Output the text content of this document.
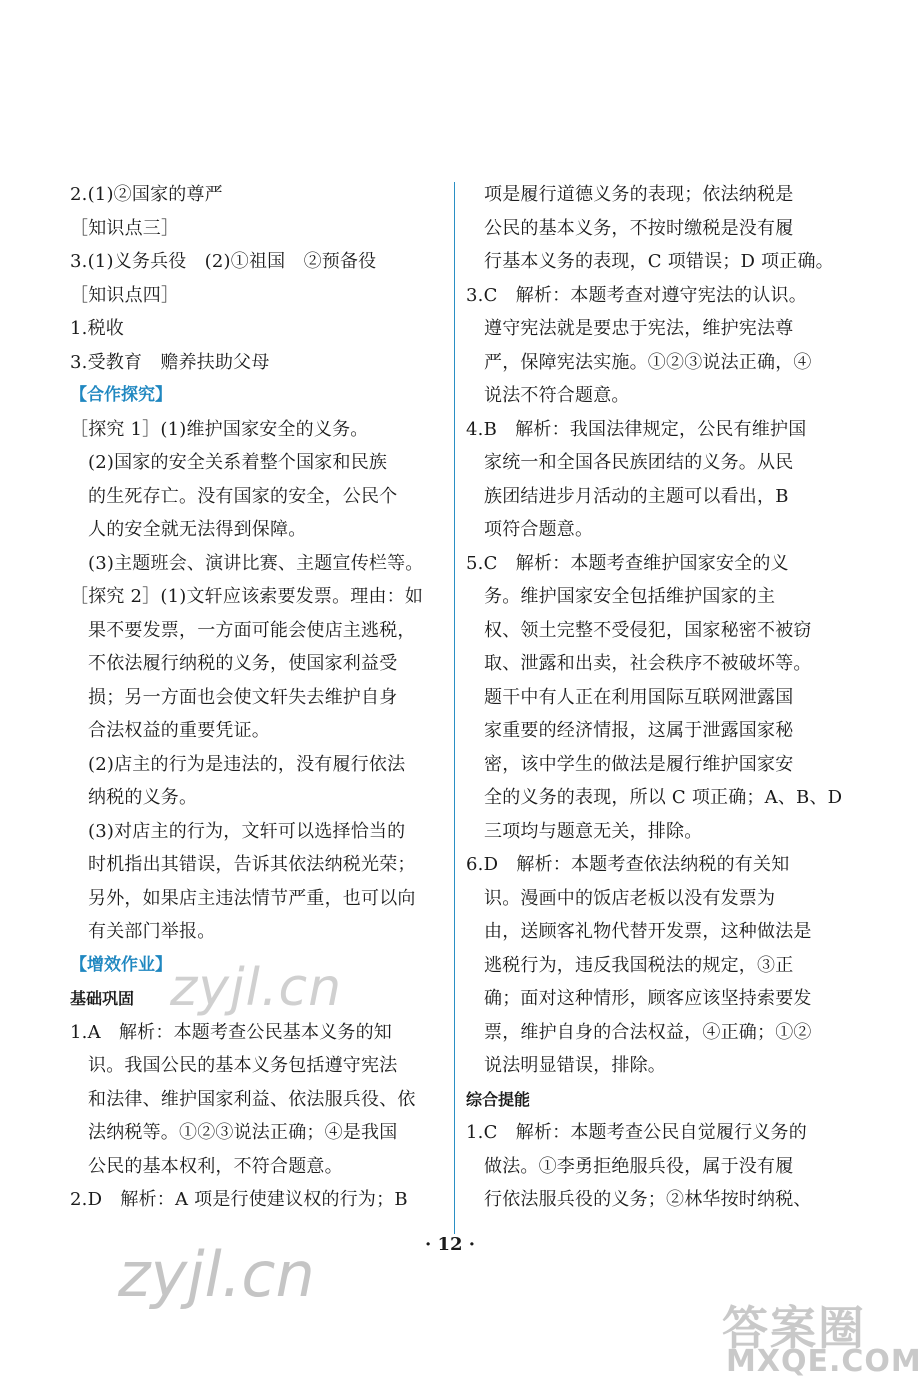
2.(1)②国家的尊严
［知识点三］
3.(1)义务兵役　(2)①祖国　②预备役
［知识点四］
1.税收
3.受教育　赡养扶助父母
【合作探究】
［探究 1］(1)维护国家安全的义务。
(2)国家的安全关系着整个国家和民族
的生死存亡。没有国家的安全，公民个
人的安全就无法得到保障。
(3)主题班会、演讲比赛、主题宣传栏等。
［探究 2］(1)文轩应该索要发票。理由：如
果不要发票，一方面可能会使店主逃税，
不依法履行纳税的义务，使国家利益受
损；另一方面也会使文轩失去维护自身
合法权益的重要凭证。
(2)店主的行为是违法的，没有履行依法
纳税的义务。
(3)对店主的行为，文轩可以选择恰当的
时机指出其错误，告诉其依法纳税光荣；
另外，如果店主违法情节严重，也可以向
有关部门举报。
【增效作业】
基础巩固
1.A　解析：本题考查公民基本义务的知
识。我国公民的基本义务包括遵守宪法
和法律、维护国家利益、依法服兵役、依
法纳税等。①②③说法正确；④是我国
公民的基本权利，不符合题意。
2.D　解析：A 项是行使建议权的行为；B
项是履行道德义务的表现；依法纳税是
公民的基本义务，不按时缴税是没有履
行基本义务的表现，C 项错误；D 项正确。
3.C　解析：本题考查对遵守宪法的认识。
遵守宪法就是要忠于宪法，维护宪法尊
严，保障宪法实施。①②③说法正确，④
说法不符合题意。
4.B　解析：我国法律规定，公民有维护国
家统一和全国各民族团结的义务。从民
族团结进步月活动的主题可以看出，B
项符合题意。
5.C　解析：本题考查维护国家安全的义
务。维护国家安全包括维护国家的主
权、领土完整不受侵犯，国家秘密不被窃
取、泄露和出卖，社会秩序不被破坏等。
题干中有人正在利用国际互联网泄露国
家重要的经济情报，这属于泄露国家秘
密，该中学生的做法是履行维护国家安
全的义务的表现，所以 C 项正确；A、B、D
三项均与题意无关，排除。
6.D　解析：本题考查依法纳税的有关知
识。漫画中的饭店老板以没有发票为
由，送顾客礼物代替开发票，这种做法是
逃税行为，违反我国税法的规定，③正
确；面对这种情形，顾客应该坚持索要发
票，维护自身的合法权益，④正确；①②
说法明显错误，排除。
综合提能
1.C　解析：本题考查公民自觉履行义务的
做法。①李勇拒绝服兵役，属于没有履
行依法服兵役的义务；②林华按时纳税、
· 12 ·
zyjl.cn
zyjl.cn
答案圈
MXQE.COM
